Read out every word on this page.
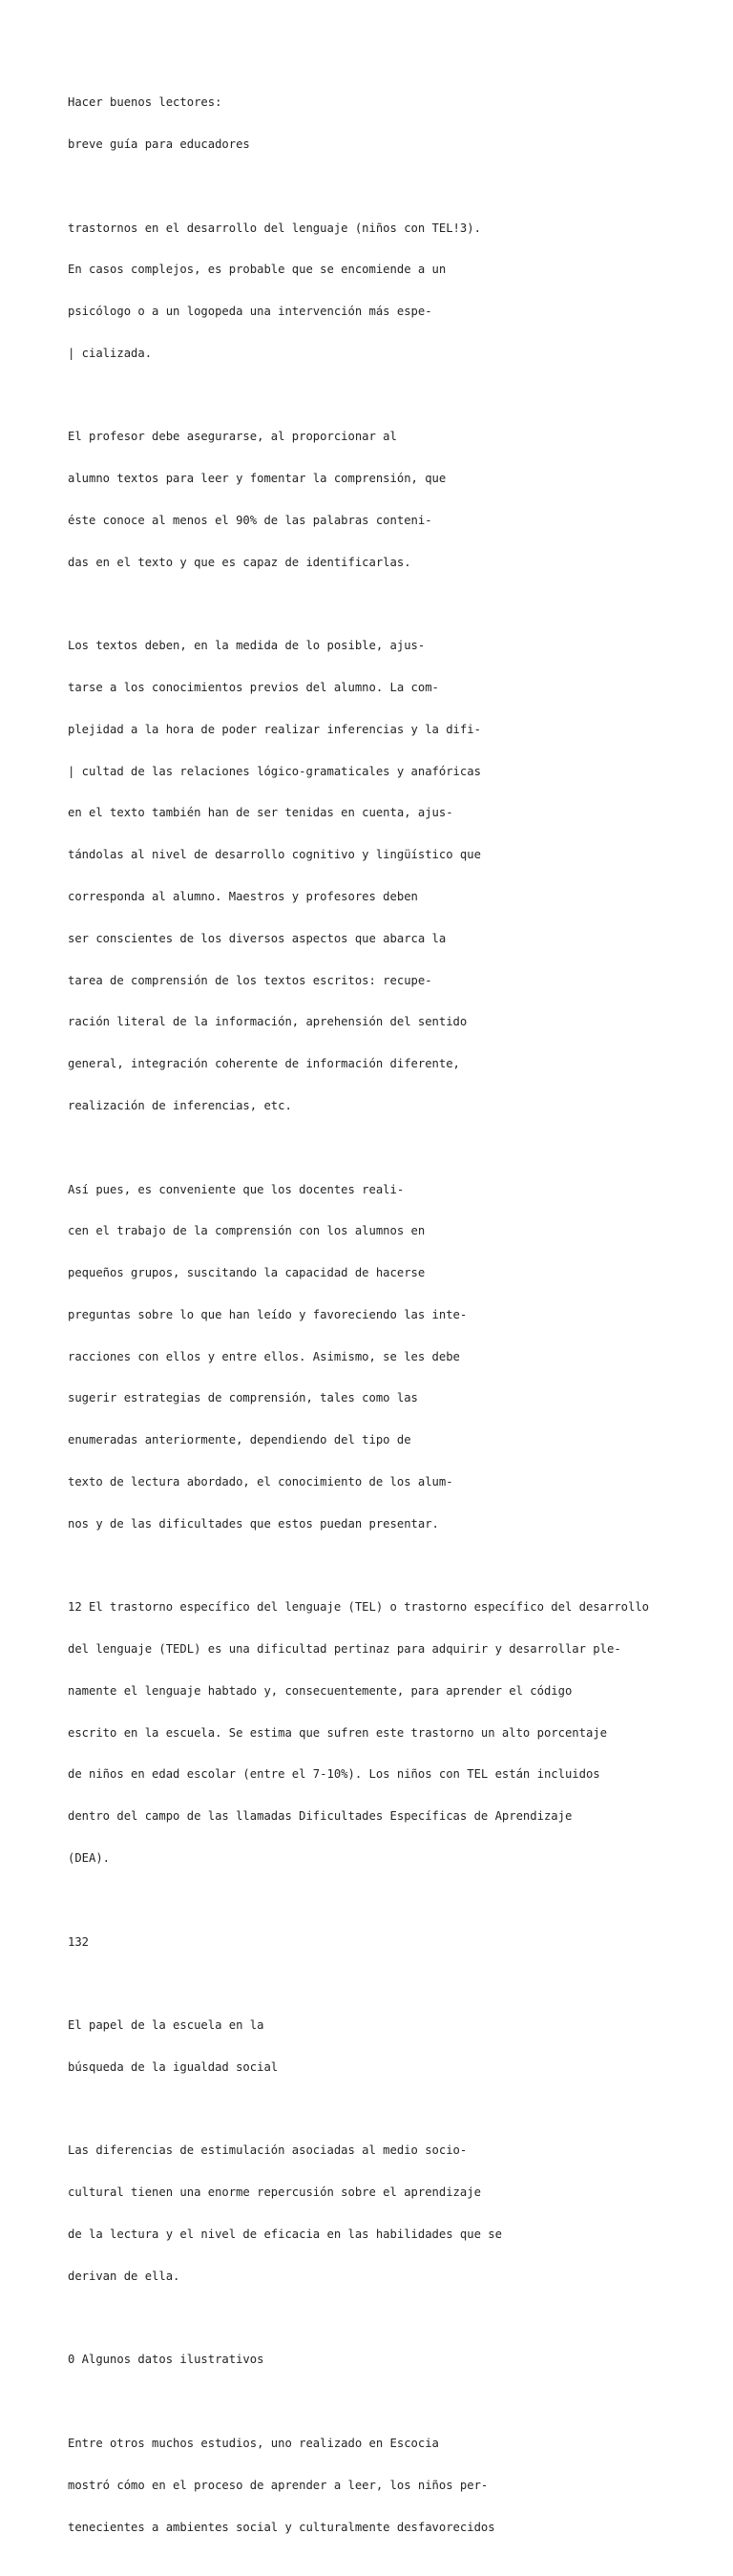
Hacer buenos lectores:

breve guía para educadores

trastornos en el desarrollo del lenguaje (niños con TEL!3).

En casos complejos, es probable que se encomiende a un

psicólogo o a un logopeda una intervención más espe-

| cializada.

El profesor debe asegurarse, al proporcionar al

alumno textos para leer y fomentar la comprensión, que

éste conoce al menos el 90% de las palabras conteni-

das en el texto y que es capaz de identificarlas.

Los textos deben, en la medida de lo posible, ajus-

tarse a los conocimientos previos del alumno. La com-

plejidad a la hora de poder realizar inferencias y la difi-

| cultad de las relaciones lógico-gramaticales y anafóricas

en el texto también han de ser tenidas en cuenta, ajus-

tándolas al nivel de desarrollo cognitivo y lingüístico que

corresponda al alumno. Maestros y profesores deben

ser conscientes de los diversos aspectos que abarca la

tarea de comprensión de los textos escritos: recupe-

ración literal de la información, aprehensión del sentido

general, integración coherente de información diferente,

realización de inferencias, etc.

Así pues, es conveniente que los docentes reali-

cen el trabajo de la comprensión con los alumnos en

pequeños grupos, suscitando la capacidad de hacerse

preguntas sobre lo que han leído y favoreciendo las inte-

racciones con ellos y entre ellos. Asimismo, se les debe

sugerir estrategias de comprensión, tales como las

enumeradas anteriormente, dependiendo del tipo de

texto de lectura abordado, el conocimiento de los alum-

nos y de las dificultades que estos puedan presentar.

12 El trastorno específico del lenguaje (TEL) o trastorno específico del desarrollo

del lenguaje (TEDL) es una dificultad pertinaz para adquirir y desarrollar ple-

namente el lenguaje habtado y, consecuentemente, para aprender el código

escrito en la escuela. Se estima que sufren este trastorno un alto porcentaje

de niños en edad escolar (entre el 7-10%). Los niños con TEL están incluidos

dentro del campo de las llamadas Dificultades Específicas de Aprendizaje

(DEA).

132

El papel de la escuela en la

búsqueda de la igualdad social

Las diferencias de estimulación asociadas al medio socio-

cultural tienen una enorme repercusión sobre el aprendizaje

de la lectura y el nivel de eficacia en las habilidades que se

derivan de ella.

0 Algunos datos ilustrativos

Entre otros muchos estudios, uno realizado en Escocia

mostró cómo en el proceso de aprender a leer, los niños per-

tenecientes a ambientes social y culturalmente desfavorecidos
